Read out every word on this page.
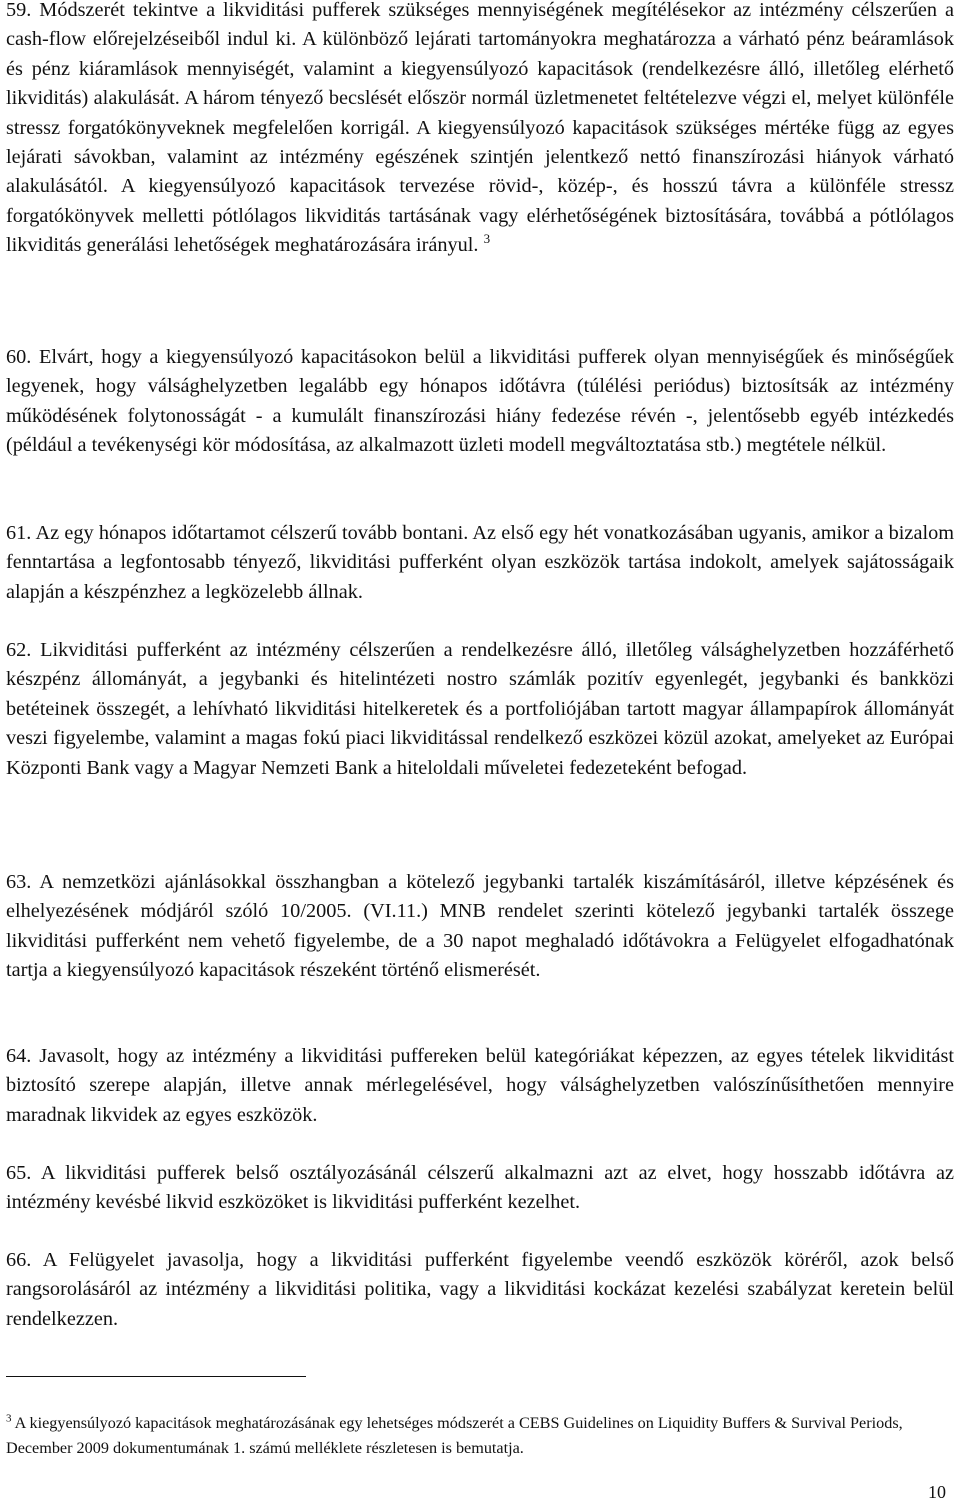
59. Módszerét tekintve a likviditási pufferek szükséges mennyiségének megítélésekor az intézmény célszerűen a cash-flow előrejelzéseiből indul ki. A különböző lejárati tartományokra meghatározza a várható pénz beáramlások és pénz kiáramlások mennyiségét, valamint a kiegyensúlyozó kapacitások (rendelkezésre álló, illetőleg elérhető likviditás) alakulását. A három tényező becslését először normál üzletmenetet feltételezve végzi el, melyet különféle stressz forgatókönyveknek megfelelően korrigál. A kiegyensúlyozó kapacitások szükséges mértéke függ az egyes lejárati sávokban, valamint az intézmény egészének szintjén jelentkező nettó finanszírozási hiányok várható alakulásától. A kiegyensúlyozó kapacitások tervezése rövid-, közép-, és hosszú távra a különféle stressz forgatókönyvek melletti pótlólagos likviditás tartásának vagy elérhetőségének biztosítására, továbbá a pótlólagos likviditás generálási lehetőségek meghatározására irányul. $^3$

60. Elvárt, hogy a kiegyensúlyozó kapacitásokon belül a likviditási pufferek olyan mennyiségűek és minőségűek legyenek, hogy válsághelyzetben legalább egy hónapos időtávra (túlélési periódus) biztosítsák az intézmény működésének folytonosságát - a kumulált finanszírozási hiány fedezése révén -, jelentősebb egyéb intézkedés (például a tevékenységi kör módosítása, az alkalmazott üzleti modell megváltoztatása stb.) megtétele nélkül.

61. Az egy hónapos időtartamot célszerű tovább bontani. Az első egy hét vonatkozásában ugyanis, amikor a bizalom fenntartása a legfontosabb tényező, likviditási pufferként olyan eszközök tartása indokolt, amelyek sajátosságaik alapján a készpénzhez a legközelebb állnak.

62. Likviditási pufferként az intézmény célszerűen a rendelkezésre álló, illetőleg válsághelyzetben hozzáférhető készpénz állományát, a jegybanki és hitelintézeti nostro számlák pozitív egyenlegét, jegybanki és bankközi betéteinek összegét, a lehívható likviditási hitelkeretek és a portfoliójában tartott magyar állampapírok állományát veszi figyelembe, valamint a magas fokú piaci likviditással rendelkező eszközei közül azokat, amelyeket az Európai Központi Bank vagy a Magyar Nemzeti Bank a hiteloldali műveletei fedezeteként befogad.

63. A nemzetközi ajánlásokkal összhangban a kötelező jegybanki tartalék kiszámításáról, illetve képzésének és elhelyezésének módjáról szóló 10/2005. (VI.11.) MNB rendelet szerinti kötelező jegybanki tartalék összege likviditási pufferként nem vehető figyelembe, de a 30 napot meghaladó időtávokra a Felügyelet elfogadhatónak tartja a kiegyensúlyozó kapacitások részeként történő elismerését.

64. Javasolt, hogy az intézmény a likviditási puffereken belül kategóriákat képezzen, az egyes tételek likviditást biztosító szerepe alapján, illetve annak mérlegelésével, hogy válsághelyzetben valószínűsíthetően mennyire maradnak likvidek az egyes eszközök.

65. A likviditási pufferek belső osztályozásánál célszerű alkalmazni azt az elvet, hogy hosszabb időtávra az intézmény kevésbé likvid eszközöket is likviditási pufferként kezelhet.

66. A Felügyelet javasolja, hogy a likviditási pufferként figyelembe veendő eszközök köréről, azok belső rangsorolásáról az intézmény a likviditási politika, vagy a likviditási kockázat kezelési szabályzat keretein belül rendelkezzen.

$^3$ A kiegyensúlyozó kapacitások meghatározásának egy lehetséges módszerét a CEBS Guidelines on Liquidity Buffers & Survival Periods, December 2009 dokumentumának 1. számú melléklete részletesen is bemutatja.

10
